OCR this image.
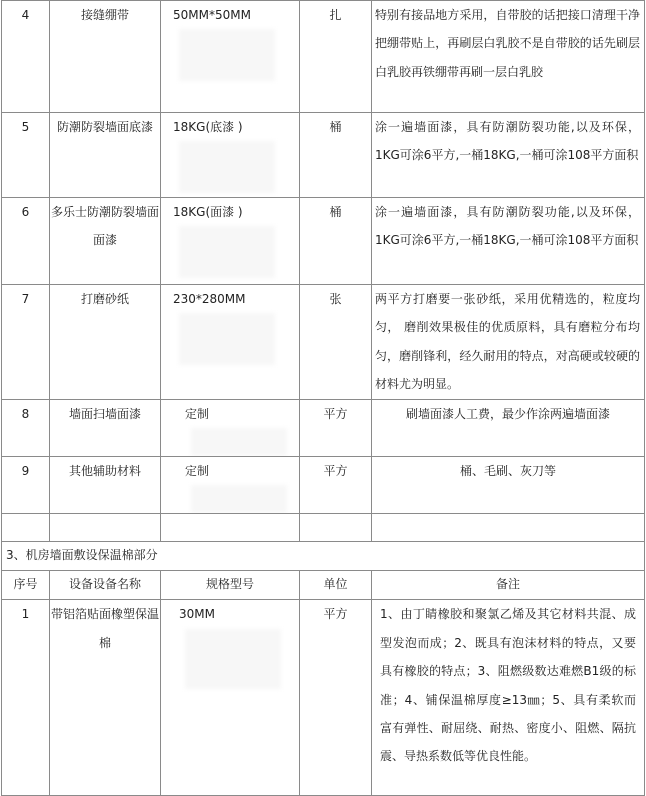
4	接缝绷带	50MM*50MM	扎	特别有接品地方采用，自带胶的话把接口清理干净把绷带贴上，再刷层白乳胶不是自带胶的话先刷层白乳胶再铁绷带再刷一层白乳胶
5	防潮防裂墙面底漆	18KG(底漆 )	桶	涂一遍墙面漆，具有防潮防裂功能,以及环保，1KG可涂6平方,一桶18KG,一桶可涂108平方面积
6	多乐士防潮防裂墙面面漆	18KG(面漆 )	桶	涂一遍墙面漆，具有防潮防裂功能,以及环保，1KG可涂6平方,一桶18KG,一桶可涂108平方面积
7	打磨砂纸	230*280MM	张	两平方打磨要一张砂纸，采用优精选的，粒度均匀， 磨削效果极佳的优质原料，具有磨粒分布均匀，磨削锋利，经久耐用的特点，对高硬或较硬的材料尤为明显。
8	墙面扫墙面漆	定制	平方	刷墙面漆人工费，最少作涂两遍墙面漆
9	其他辅助材料	定制	平方	桶、毛刷、灰刀等

3、机房墙面敷设保温棉部分				
序号	设备设备名称	规格型号	单位	备注
1	带铝箔贴面橡塑保温棉	30MM	平方	1、由丁睛橡胶和聚氯乙烯及其它材料共混、成型发泡而成；2、既具有泡沫材料的特点，又要具有橡胶的特点；3、阻燃级数达难燃B1级的标准；4、铺保温棉厚度≥13㎜；5、具有柔软而富有弹性、耐屈绕、耐热、密度小、阻燃、隔抗震、导热系数低等优良性能。
